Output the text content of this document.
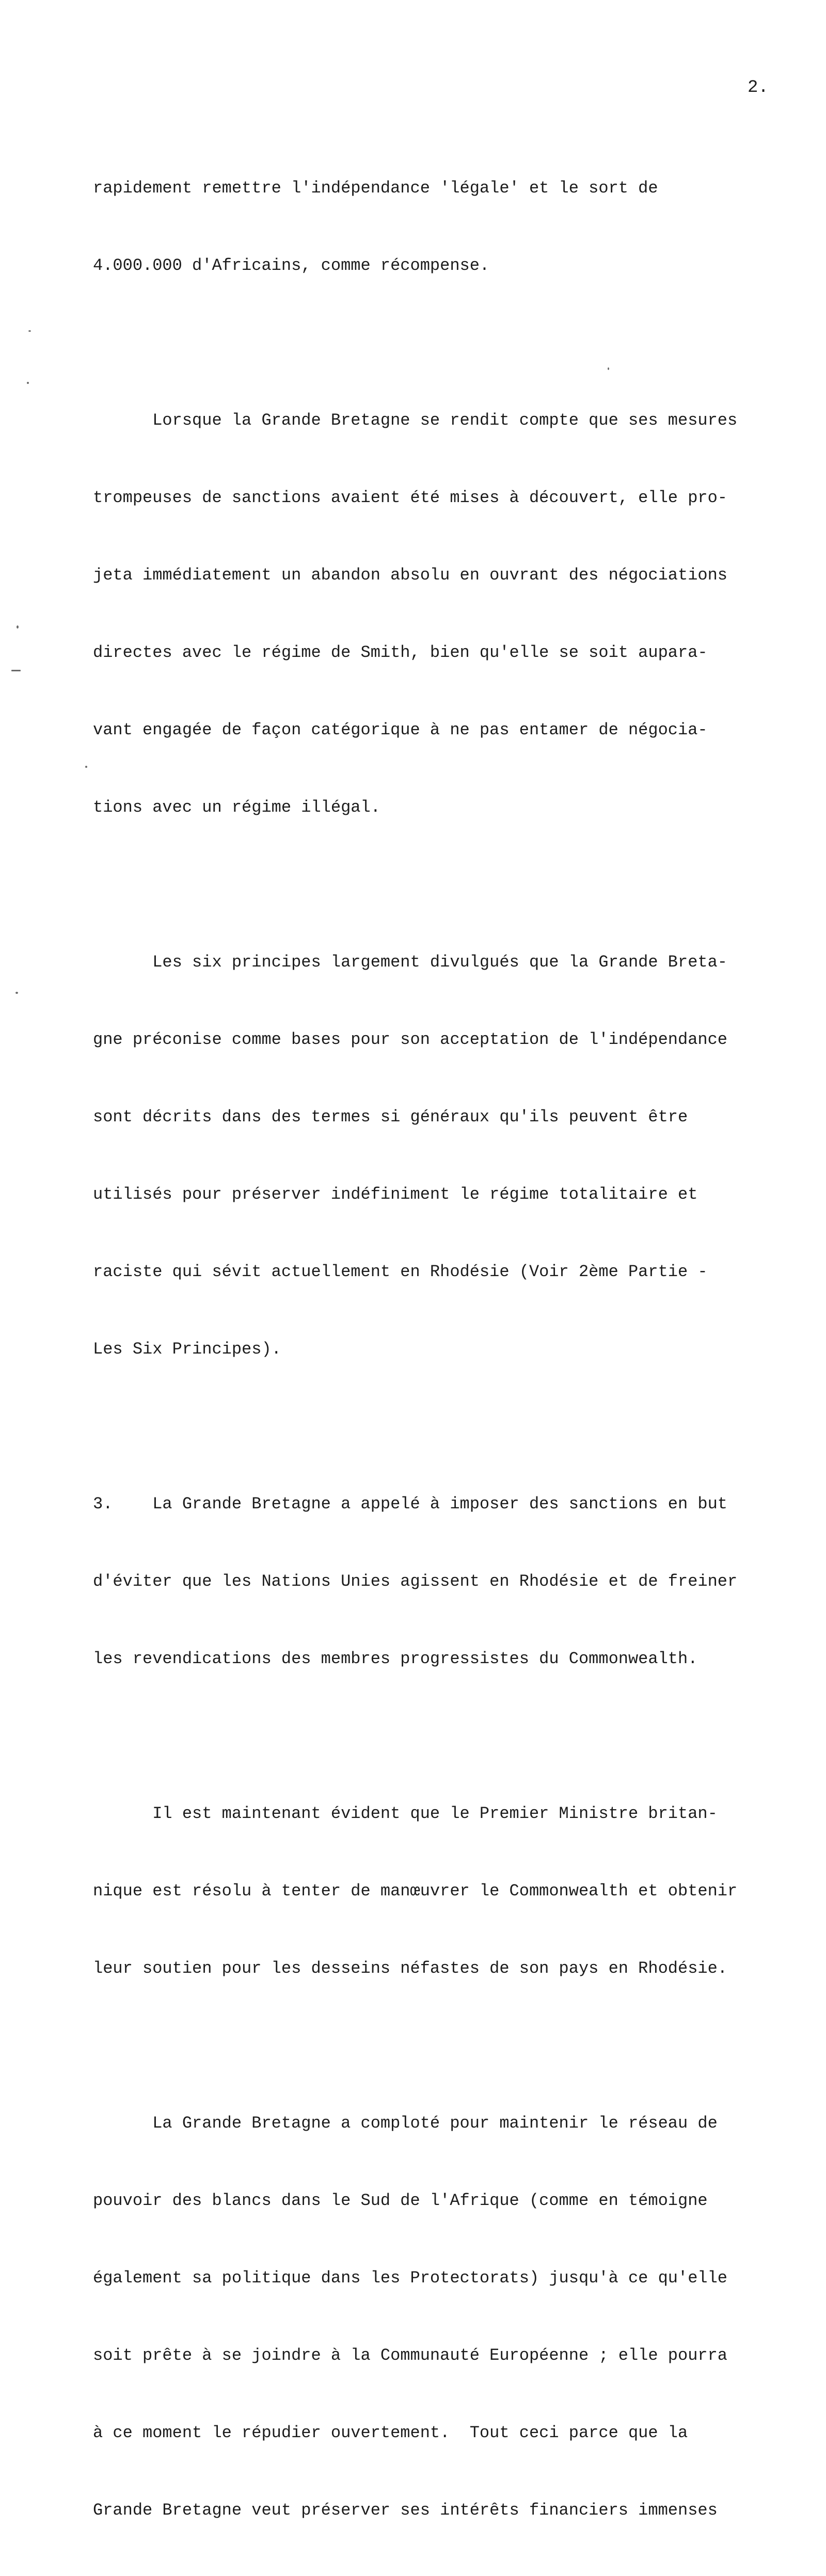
2.

rapidement remettre l'indépendance 'légale' et le sort de

4.000.000 d'Africains, comme récompense.

Lorsque la Grande Bretagne se rendit compte que ses mesures

trompeuses de sanctions avaient été mises à découvert, elle pro-

jeta immédiatement un abandon absolu en ouvrant des négociations

directes avec le régime de Smith, bien qu'elle se soit aupara-

vant engagée de façon catégorique à ne pas entamer de négocia-

tions avec un régime illégal.

Les six principes largement divulgués que la Grande Breta-

gne préconise comme bases pour son acceptation de l'indépendance

sont décrits dans des termes si généraux qu'ils peuvent être

utilisés pour préserver indéfiniment le régime totalitaire et

raciste qui sévit actuellement en Rhodésie (Voir 2ème Partie -

Les Six Principes).

3.    La Grande Bretagne a appelé à imposer des sanctions en but

d'éviter que les Nations Unies agissent en Rhodésie et de freiner

les revendications des membres progressistes du Commonwealth.

Il est maintenant évident que le Premier Ministre britan-

nique est résolu à tenter de manœuvrer le Commonwealth et obtenir

leur soutien pour les desseins néfastes de son pays en Rhodésie.

La Grande Bretagne a comploté pour maintenir le réseau de

pouvoir des blancs dans le Sud de l'Afrique (comme en témoigne

également sa politique dans les Protectorats) jusqu'à ce qu'elle

soit prête à se joindre à la Communauté Européenne ; elle pourra

à ce moment le répudier ouvertement.  Tout ceci parce que la

Grande Bretagne veut préserver ses intérêts financiers immenses
